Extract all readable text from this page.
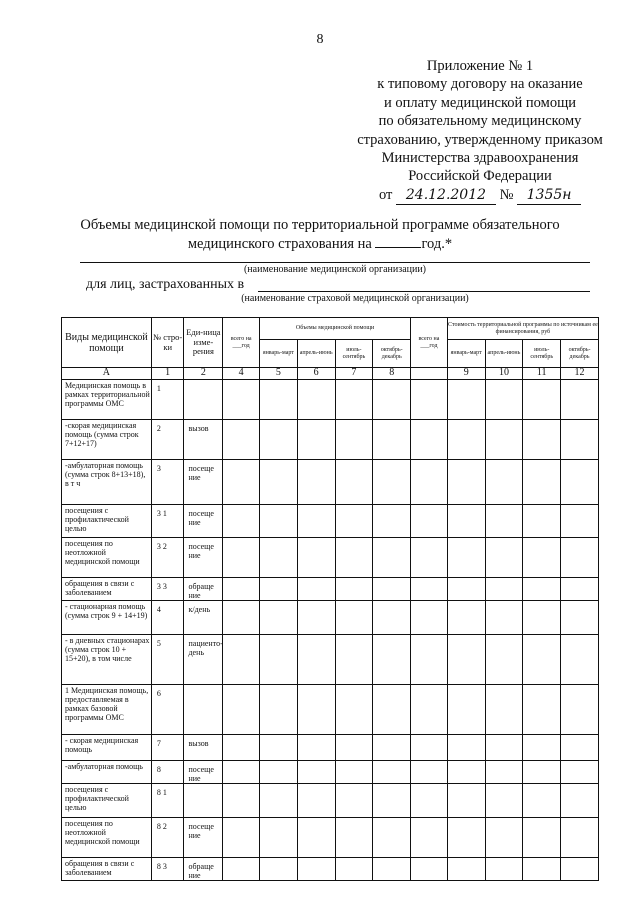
8
Приложение № 1
к типовому договору на оказание
и оплату медицинской помощи
по обязательному медицинскому
страхованию, утвержденному приказом
Министерства здравоохранения
Российской Федерации
от 24.12.2012 № 1355н
Объемы медицинской помощи по территориальной программе обязательного
медицинского страхования на	год.*
(наименование медицинской организации)
для лиц, застрахованных в
(наименование страховой медицинской организации)
Виды медицинской помощи	№ стро-ки	Еди-ница изме-рения	всего на ___год	Объемы медицинской помощи				всего на ___год	Стоимость территориальной программы по источникам ее финансирования, руб			
				январь-март	апрель-июнь	июль-сентябрь	октябрь-декабрь		январь-март	апрель-июнь	июль-сентябрь	октябрь-декабрь
А	1	2	4	5	6	7	8		9	10	11	12
Медицинская помощь в рамках территориальной программы ОМС	1											
-скорая медицинская помощь (сумма строк 7+12+17)	2	вызов										
-амбулаторная помощь (сумма строк 8+13+18), в т ч	3	посеще ние										
посещения с профилактической целью	3 1	посеще ние										
посещения по неотложной медицинской помощи	3 2	посеще ние										
обращения в связи с заболеванием	3 3	обраще ние										
- стационарная помощь (сумма строк 9 + 14+19)	4	к/день										
- в дневных стационарах (сумма строк 10 + 15+20), в том числе	5	пациенто-день										
1 Медицинская помощь, предоставляемая в рамках базовой программы ОМС	6											
- скорая медицинская помощь	7	вызов										
-амбулаторная помощь	8	посеще ние										
посещения с профилактической целью	8 1											
посещения по неотложной медицинской помощи	8 2	посеще ние										
обращения в связи с заболеванием	8 3	обраще ние										
